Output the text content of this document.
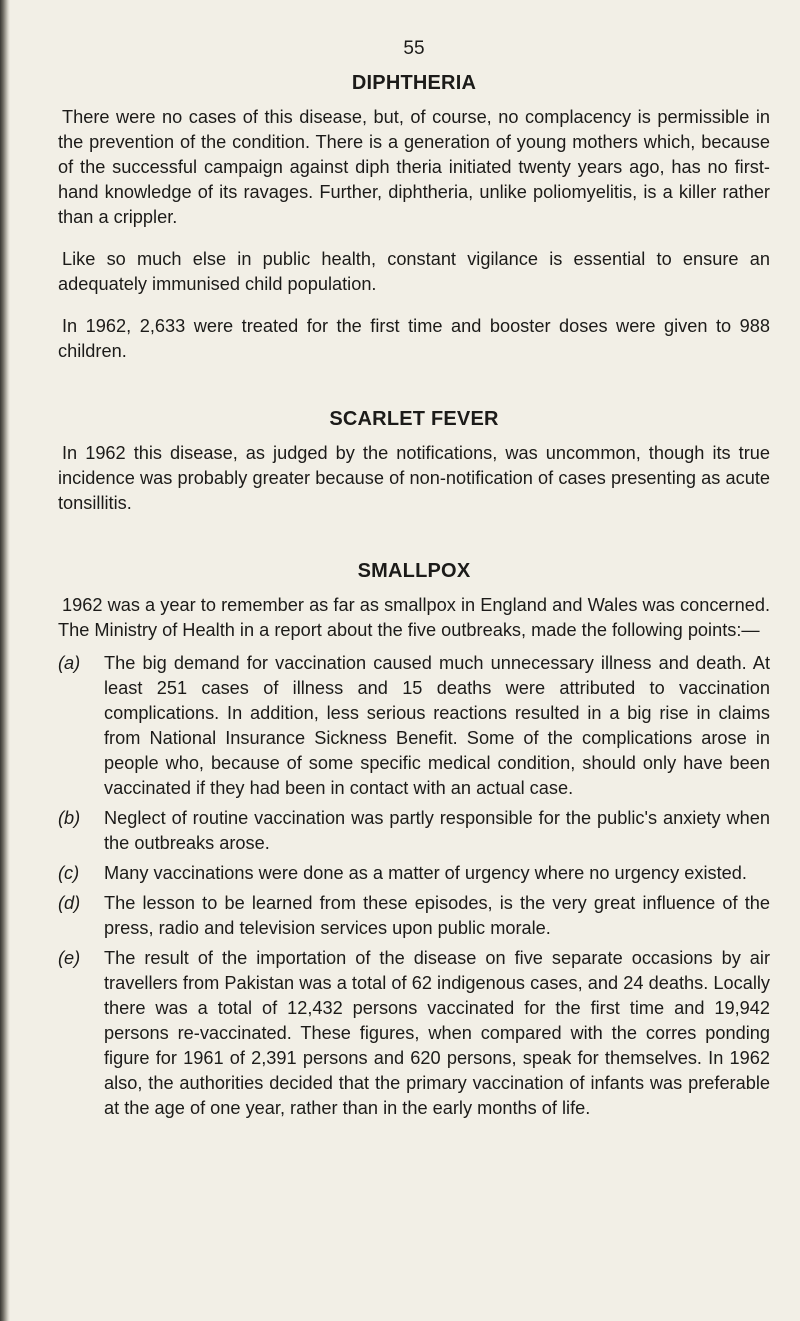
55
DIPHTHERIA

There were no cases of this disease, but, of course, no complacency is permissible in the prevention of the condition. There is a generation of young mothers which, because of the successful campaign against diph theria initiated twenty years ago, has no first-hand knowledge of its ravages. Further, diphtheria, unlike poliomyelitis, is a killer rather than a crippler.

Like so much else in public health, constant vigilance is essential to ensure an adequately immunised child population.

In 1962, 2,633 were treated for the first time and booster doses were given to 988 children.

SCARLET FEVER

In 1962 this disease, as judged by the notifications, was uncommon, though its true incidence was probably greater because of non-notification of cases presenting as acute tonsillitis.

SMALLPOX

1962 was a year to remember as far as smallpox in England and Wales was concerned. The Ministry of Health in a report about the five outbreaks, made the following points:—

(a)	The big demand for vaccination caused much unnecessary illness and death. At least 251 cases of illness and 15 deaths were attributed to vaccination complications. In addition, less serious reactions resulted in a big rise in claims from National Insurance Sickness Benefit. Some of the complications arose in people who, because of some specific medical condition, should only have been vaccinated if they had been in contact with an actual case.
(b)	Neglect of routine vaccination was partly responsible for the public's anxiety when the outbreaks arose.
(c)	Many vaccinations were done as a matter of urgency where no urgency existed.
(d)	The lesson to be learned from these episodes, is the very great influence of the press, radio and television services upon public morale.
(e)	The result of the importation of the disease on five separate occasions by air travellers from Pakistan was a total of 62 indigenous cases, and 24 deaths. Locally there was a total of 12,432 persons vaccinated for the first time and 19,942 persons re-vaccinated. These figures, when compared with the corres ponding figure for 1961 of 2,391 persons and 620 persons, speak for themselves. In 1962 also, the authorities decided that the primary vaccination of infants was preferable at the age of one year, rather than in the early months of life.
